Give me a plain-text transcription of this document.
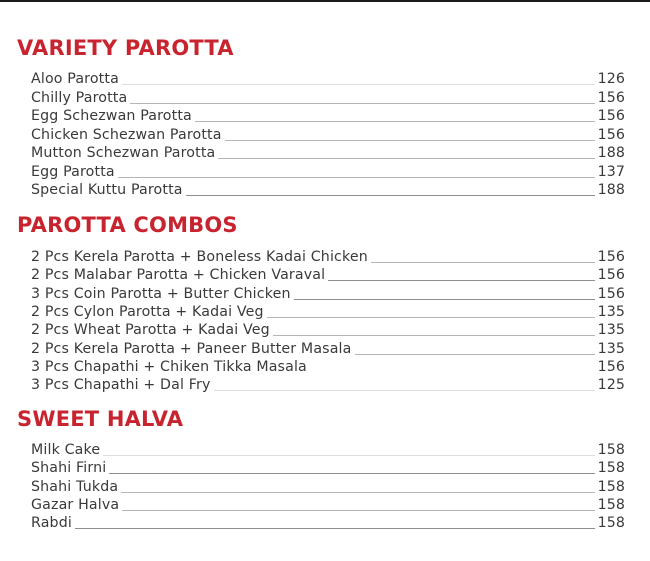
VARIETY PAROTTA
Aloo Parotta	126
Chilly Parotta	156
Egg Schezwan Parotta	156
Chicken Schezwan Parotta	156
Mutton Schezwan Parotta	188
Egg Parotta	137
Special Kuttu Parotta	188
PAROTTA COMBOS
2 Pcs Kerela Parotta + Boneless Kadai Chicken	156
2 Pcs Malabar Parotta + Chicken Varaval	156
3 Pcs Coin Parotta + Butter Chicken	156
2 Pcs Cylon Parotta + Kadai Veg	135
2 Pcs Wheat Parotta + Kadai Veg	135
2 Pcs Kerela Parotta + Paneer Butter Masala	135
3 Pcs Chapathi + Chiken Tikka Masala	156
3 Pcs Chapathi + Dal Fry	125
SWEET HALVA
Milk Cake	158
Shahi Firni	158
Shahi Tukda	158
Gazar Halva	158
Rabdi	158
